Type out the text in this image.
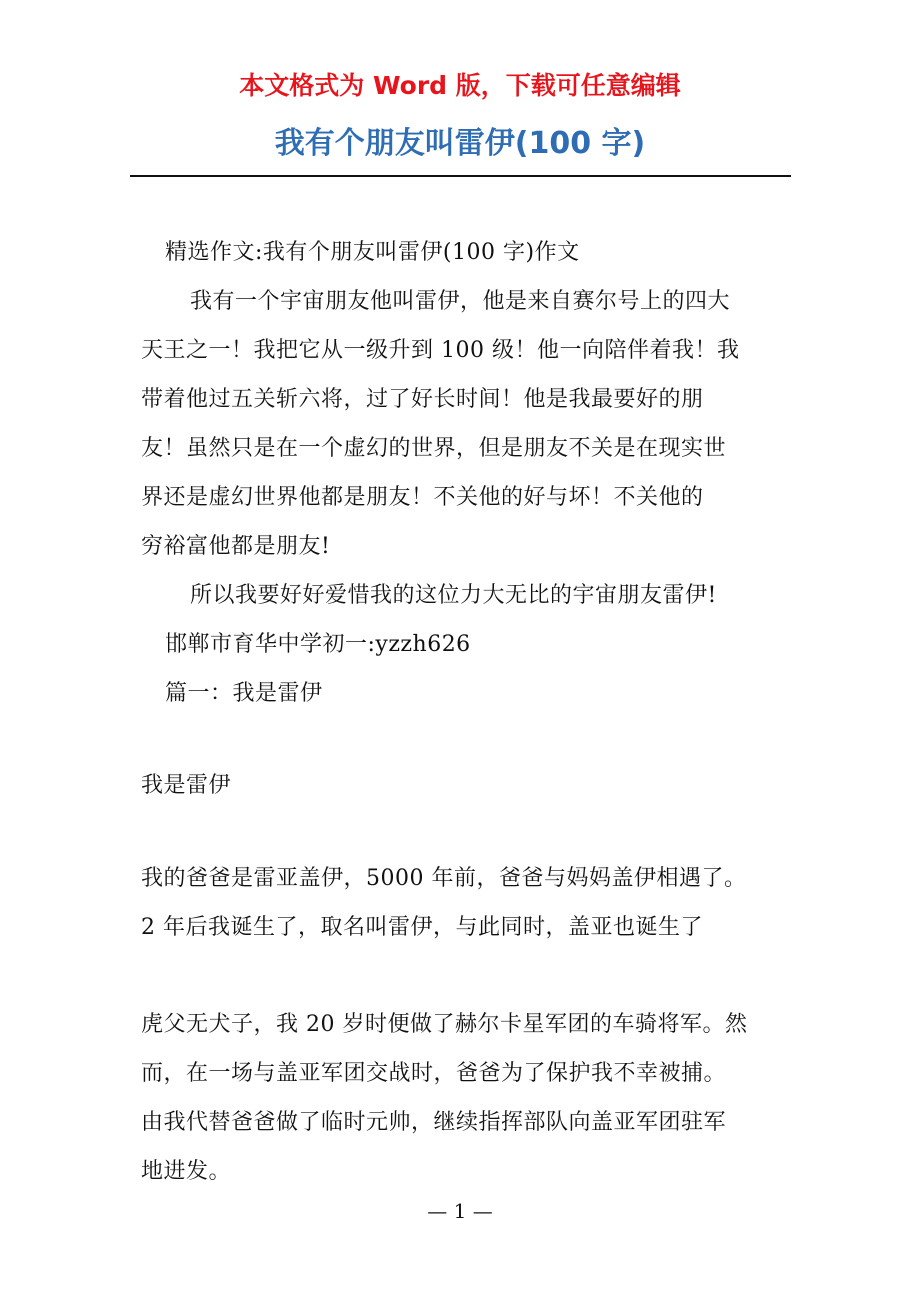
本文格式为 Word 版，下载可任意编辑
我有个朋友叫雷伊(100 字)
精选作文:我有个朋友叫雷伊(100 字)作文
我有一个宇宙朋友他叫雷伊，他是来自赛尔号上的四大
天王之一！我把它从一级升到 100 级！他一向陪伴着我！我
带着他过五关斩六将，过了好长时间！他是我最要好的朋
友！虽然只是在一个虚幻的世界，但是朋友不关是在现实世
界还是虚幻世界他都是朋友！不关他的好与坏！不关他的
穷裕富他都是朋友!
所以我要好好爱惜我的这位力大无比的宇宙朋友雷伊!
邯郸市育华中学初一:yzzh626
篇一：我是雷伊
我是雷伊
我的爸爸是雷亚盖伊，5000 年前，爸爸与妈妈盖伊相遇了。
2 年后我诞生了，取名叫雷伊，与此同时，盖亚也诞生了
虎父无犬子，我 20 岁时便做了赫尔卡星军团的车骑将军。然
而，在一场与盖亚军团交战时，爸爸为了保护我不幸被捕。
由我代替爸爸做了临时元帅，继续指挥部队向盖亚军团驻军
地进发。
— 1 —
